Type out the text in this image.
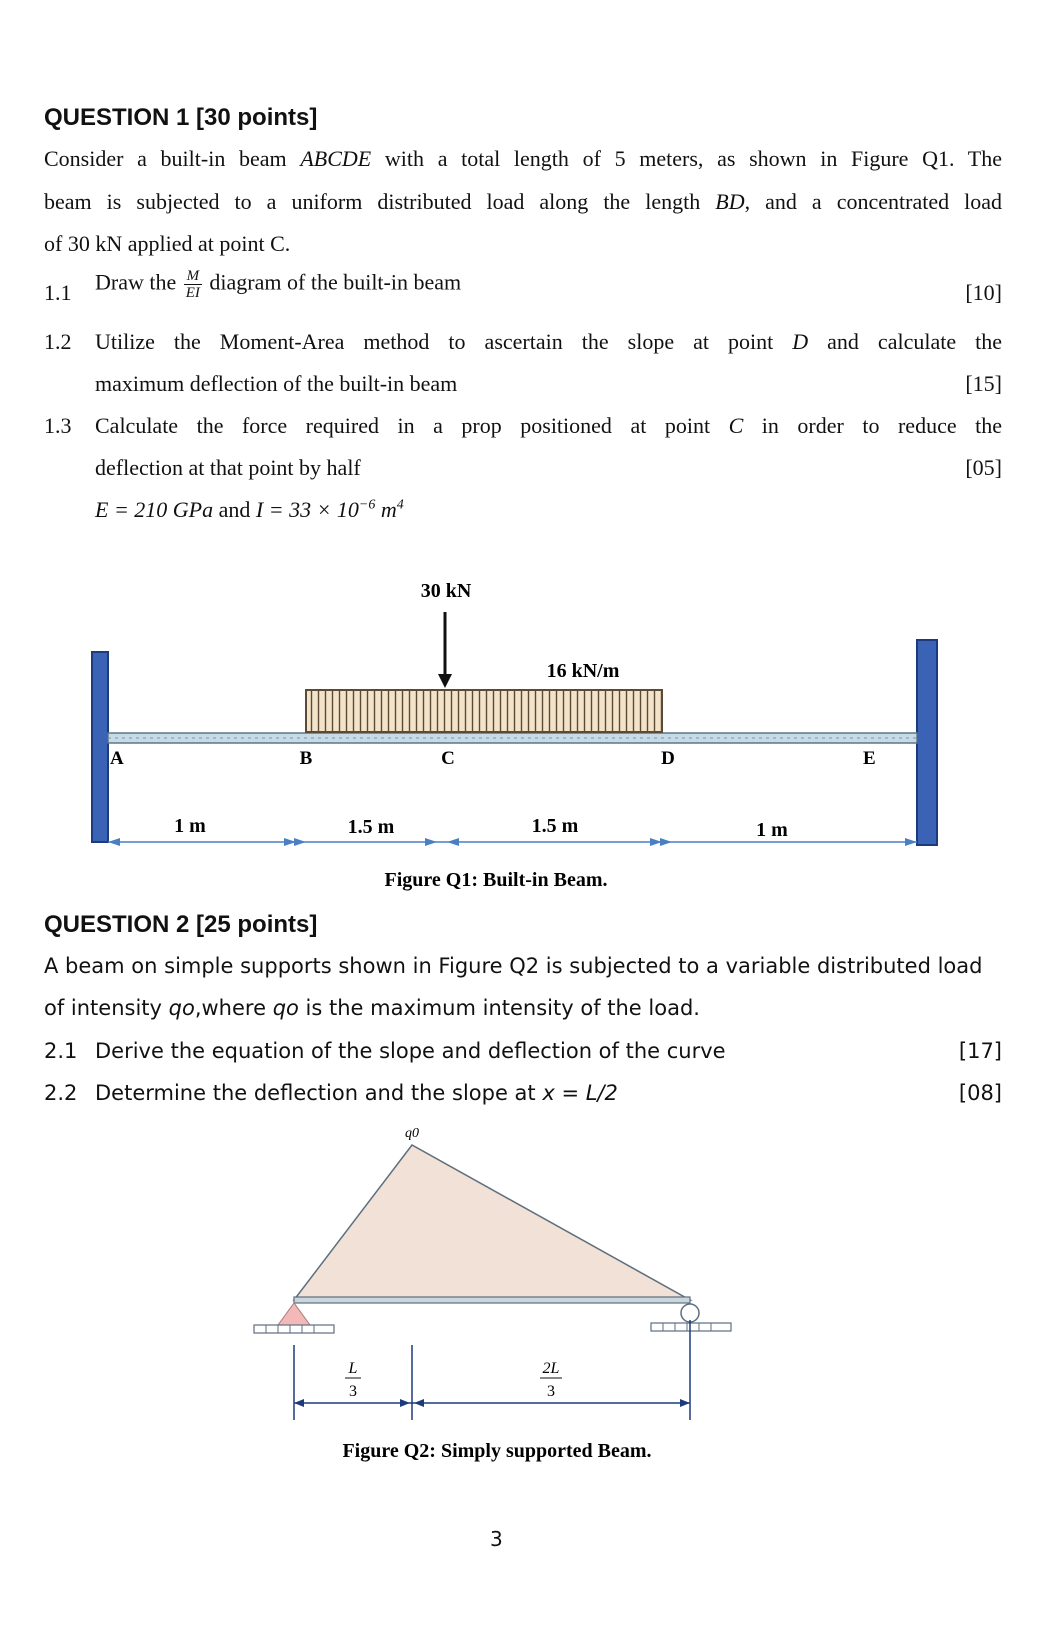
QUESTION 1 [30 points]
Consider a built-in beam ABCDE with a total length of 5 meters, as shown in Figure Q1. The
beam is subjected to a uniform distributed load along the length BD, and a concentrated load
of 30 kN applied at point C.
1.1 Draw the $\frac{M}{EI}$ diagram of the built-in beam	[10]
1.2 Utilize the Moment-Area method to ascertain the slope at point D and calculate the
maximum deflection of the built-in beam	[15]
1.3 Calculate the force required in a prop positioned at point C in order to reduce the
deflection at that point by half	[05]
E = 210 GPa and $I = 33 \times 10^{-6}$ $m^4$
16 kN/m
30 kN
A	B	C	D	E
1 m	1.5 m	1.5 m	1 m
Figure Q1: Built-in Beam.
QUESTION 2 [25 points]
A beam on simple supports shown in Figure Q2 is subjected to a variable distributed load
of intensity qo,where qo is the maximum intensity of the load.
2.1 Derive the equation of the slope and deflection of the curve	[17]
2.2 Determine the deflection and the slope at x = L/2	[08]
q0
L
3
2L
3
Figure Q2: Simply supported Beam.
3
